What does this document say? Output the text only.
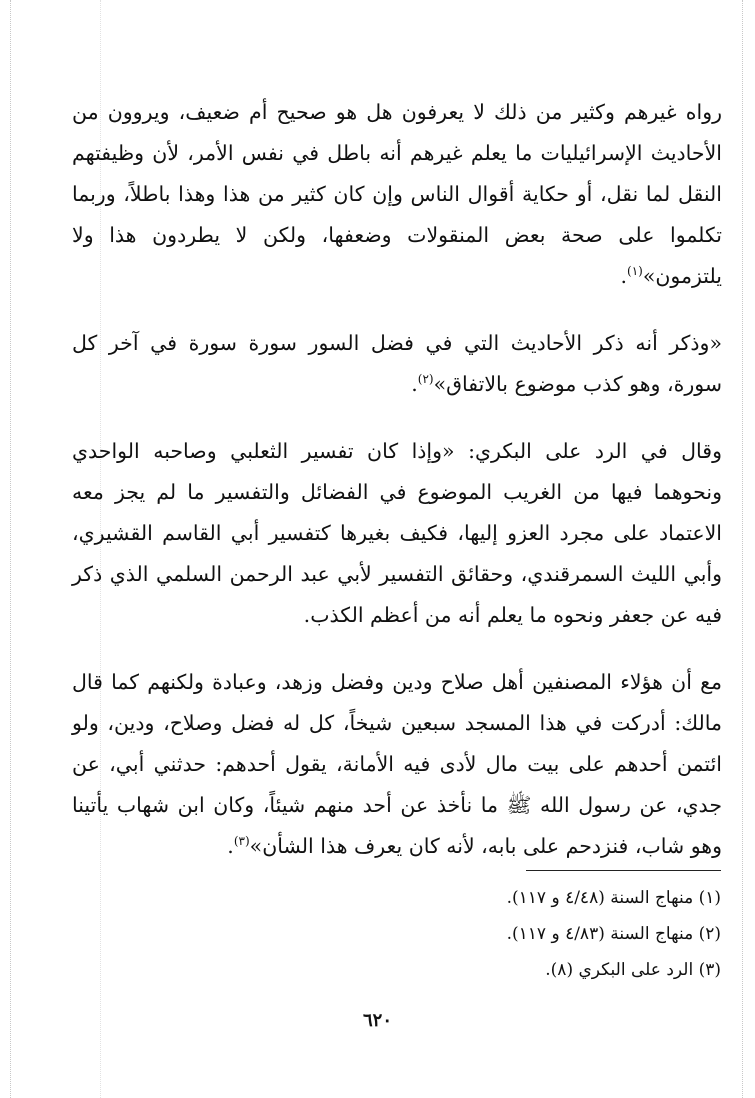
رواه غيرهم وكثير من ذلك لا يعرفون هل هو صحيح أم ضعيف، ويروون من الأحاديث الإسرائيليات ما يعلم غيرهم أنه باطل في نفس الأمر، لأن وظيفتهم النقل لما نقل، أو حكاية أقوال الناس وإن كان كثير من هذا وهذا باطلاً، وربما تكلموا على صحة بعض المنقولات وضعفها، ولكن لا يطردون هذا ولا يلتزمون»$^{(١)}$.

«وذكر أنه ذكر الأحاديث التي في فضل السور سورة سورة في آخر كل سورة، وهو كذب موضوع بالاتفاق»$^{(٢)}$.

وقال في الرد على البكري: «وإذا كان تفسير الثعلبي وصاحبه الواحدي ونحوهما فيها من الغريب الموضوع في الفضائل والتفسير ما لم يجز معه الاعتماد على مجرد العزو إليها، فكيف بغيرها كتفسير أبي القاسم القشيري، وأبي الليث السمرقندي، وحقائق التفسير لأبي عبد الرحمن السلمي الذي ذكر فيه عن جعفر ونحوه ما يعلم أنه من أعظم الكذب.

مع أن هؤلاء المصنفين أهل صلاح ودين وفضل وزهد، وعبادة ولكنهم كما قال مالك: أدركت في هذا المسجد سبعين شيخاً، كل له فضل وصلاح، ودين، ولو ائتمن أحدهم على بيت مال لأدى فيه الأمانة، يقول أحدهم: حدثني أبي، عن جدي، عن رسول الله ﷺ ما نأخذ عن أحد منهم شيئاً، وكان ابن شهاب يأتينا وهو شاب، فنزدحم على بابه، لأنه كان يعرف هذا الشأن»$^{(٣)}$.

(١) منهاج السنة (٤/٤٨ و ١١٧).

(٢) منهاج السنة (٤/٨٣ و ١١٧).

(٣) الرد على البكري (٨).

٦٢٠
